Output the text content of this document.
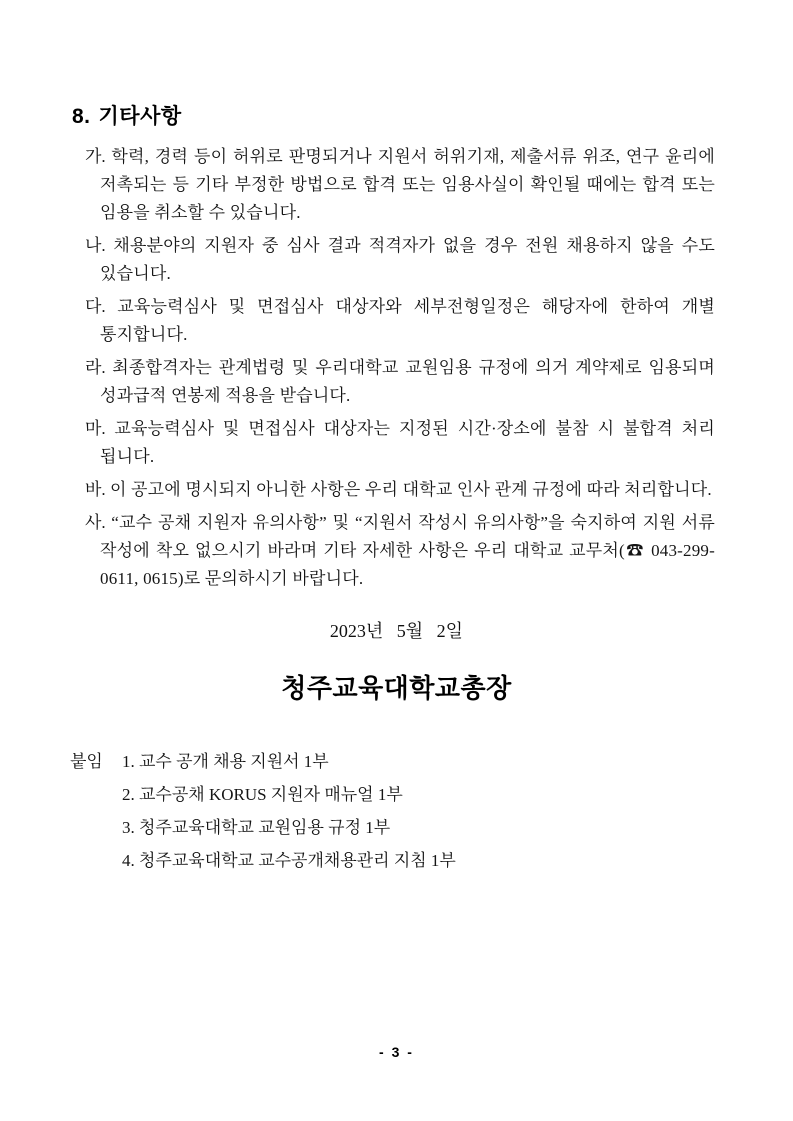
8. 기타사항

가. 학력, 경력 등이 허위로 판명되거나 지원서 허위기재, 제출서류 위조, 연구 윤리에 저촉되는 등 기타 부정한 방법으로 합격 또는 임용사실이 확인될 때에는 합격 또는 임용을 취소할 수 있습니다.

나. 채용분야의 지원자 중 심사 결과 적격자가 없을 경우 전원 채용하지 않을 수도 있습니다.

다. 교육능력심사 및 면접심사 대상자와 세부전형일정은 해당자에 한하여 개별 통지합니다.

라. 최종합격자는 관계법령 및 우리대학교 교원임용 규정에 의거 계약제로 임용되며 성과급적 연봉제 적용을 받습니다.

마. 교육능력심사 및 면접심사 대상자는 지정된 시간·장소에 불참 시 불합격 처리 됩니다.

바. 이 공고에 명시되지 아니한 사항은 우리 대학교 인사 관계 규정에 따라 처리합니다.

사. “교수 공채 지원자 유의사항” 및 “지원서 작성시 유의사항”을 숙지하여 지원 서류 작성에 착오 없으시기 바라며 기타 자세한 사항은 우리 대학교 교무처(☎ 043-299-0611, 0615)로 문의하시기 바랍니다.

2023년   5월   2일
청주교육대학교총장
붙임	1. 교수 공개 채용 지원서 1부
2. 교수공채 KORUS 지원자 매뉴얼 1부
3. 청주교육대학교 교원임용 규정 1부
4. 청주교육대학교 교수공개채용관리 지침 1부
- 3 -
